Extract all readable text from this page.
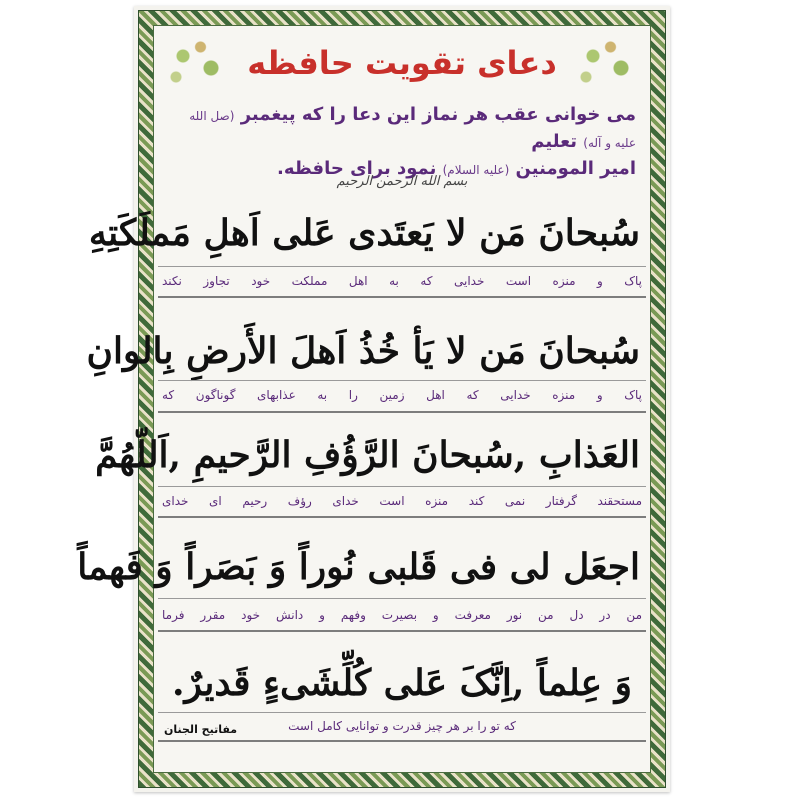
دعای تقویت حافظه
می خوانی عقب هر نماز این دعا را که پیغمبر (صل الله علیه و آله) تعلیم
امیر المومنین (علیه السلام) نمود برای حافظه.
بسم الله الرحمن الرحیم
سُبحانَ مَن لا یَعتَدی عَلی اَهلِ مَملَکَتِهِ
پاک و منزه است خدایی که به اهل مملکت خود تجاوز نکند
سُبحانَ مَن لا یَأ خُذُ اَهلَ الأَرضِ بِالوانِ
پاک و منزه خدایی که اهل زمین را به عذابهای گوناگون که
العَذابِ ,سُبحانَ الرَّؤُفِ الرَّحیمِ ,اَللّهُمَّ
مستحقند گرفتار نمی کند منزه است خدای رؤف رحیم ای خدای
اجعَل لی فی قَلبی نُوراً وَ بَصَراً وَ فَهماً
من در دل من نور معرفت و بصیرت وفهم و دانش خود مقرر فرما
وَ عِلماً ,اِنَّکَ عَلی کُلِّشَیءٍ قَدیرٌ.
که تو را بر هر چیز قدرت و توانایی کامل است
مفاتیح الجنان
